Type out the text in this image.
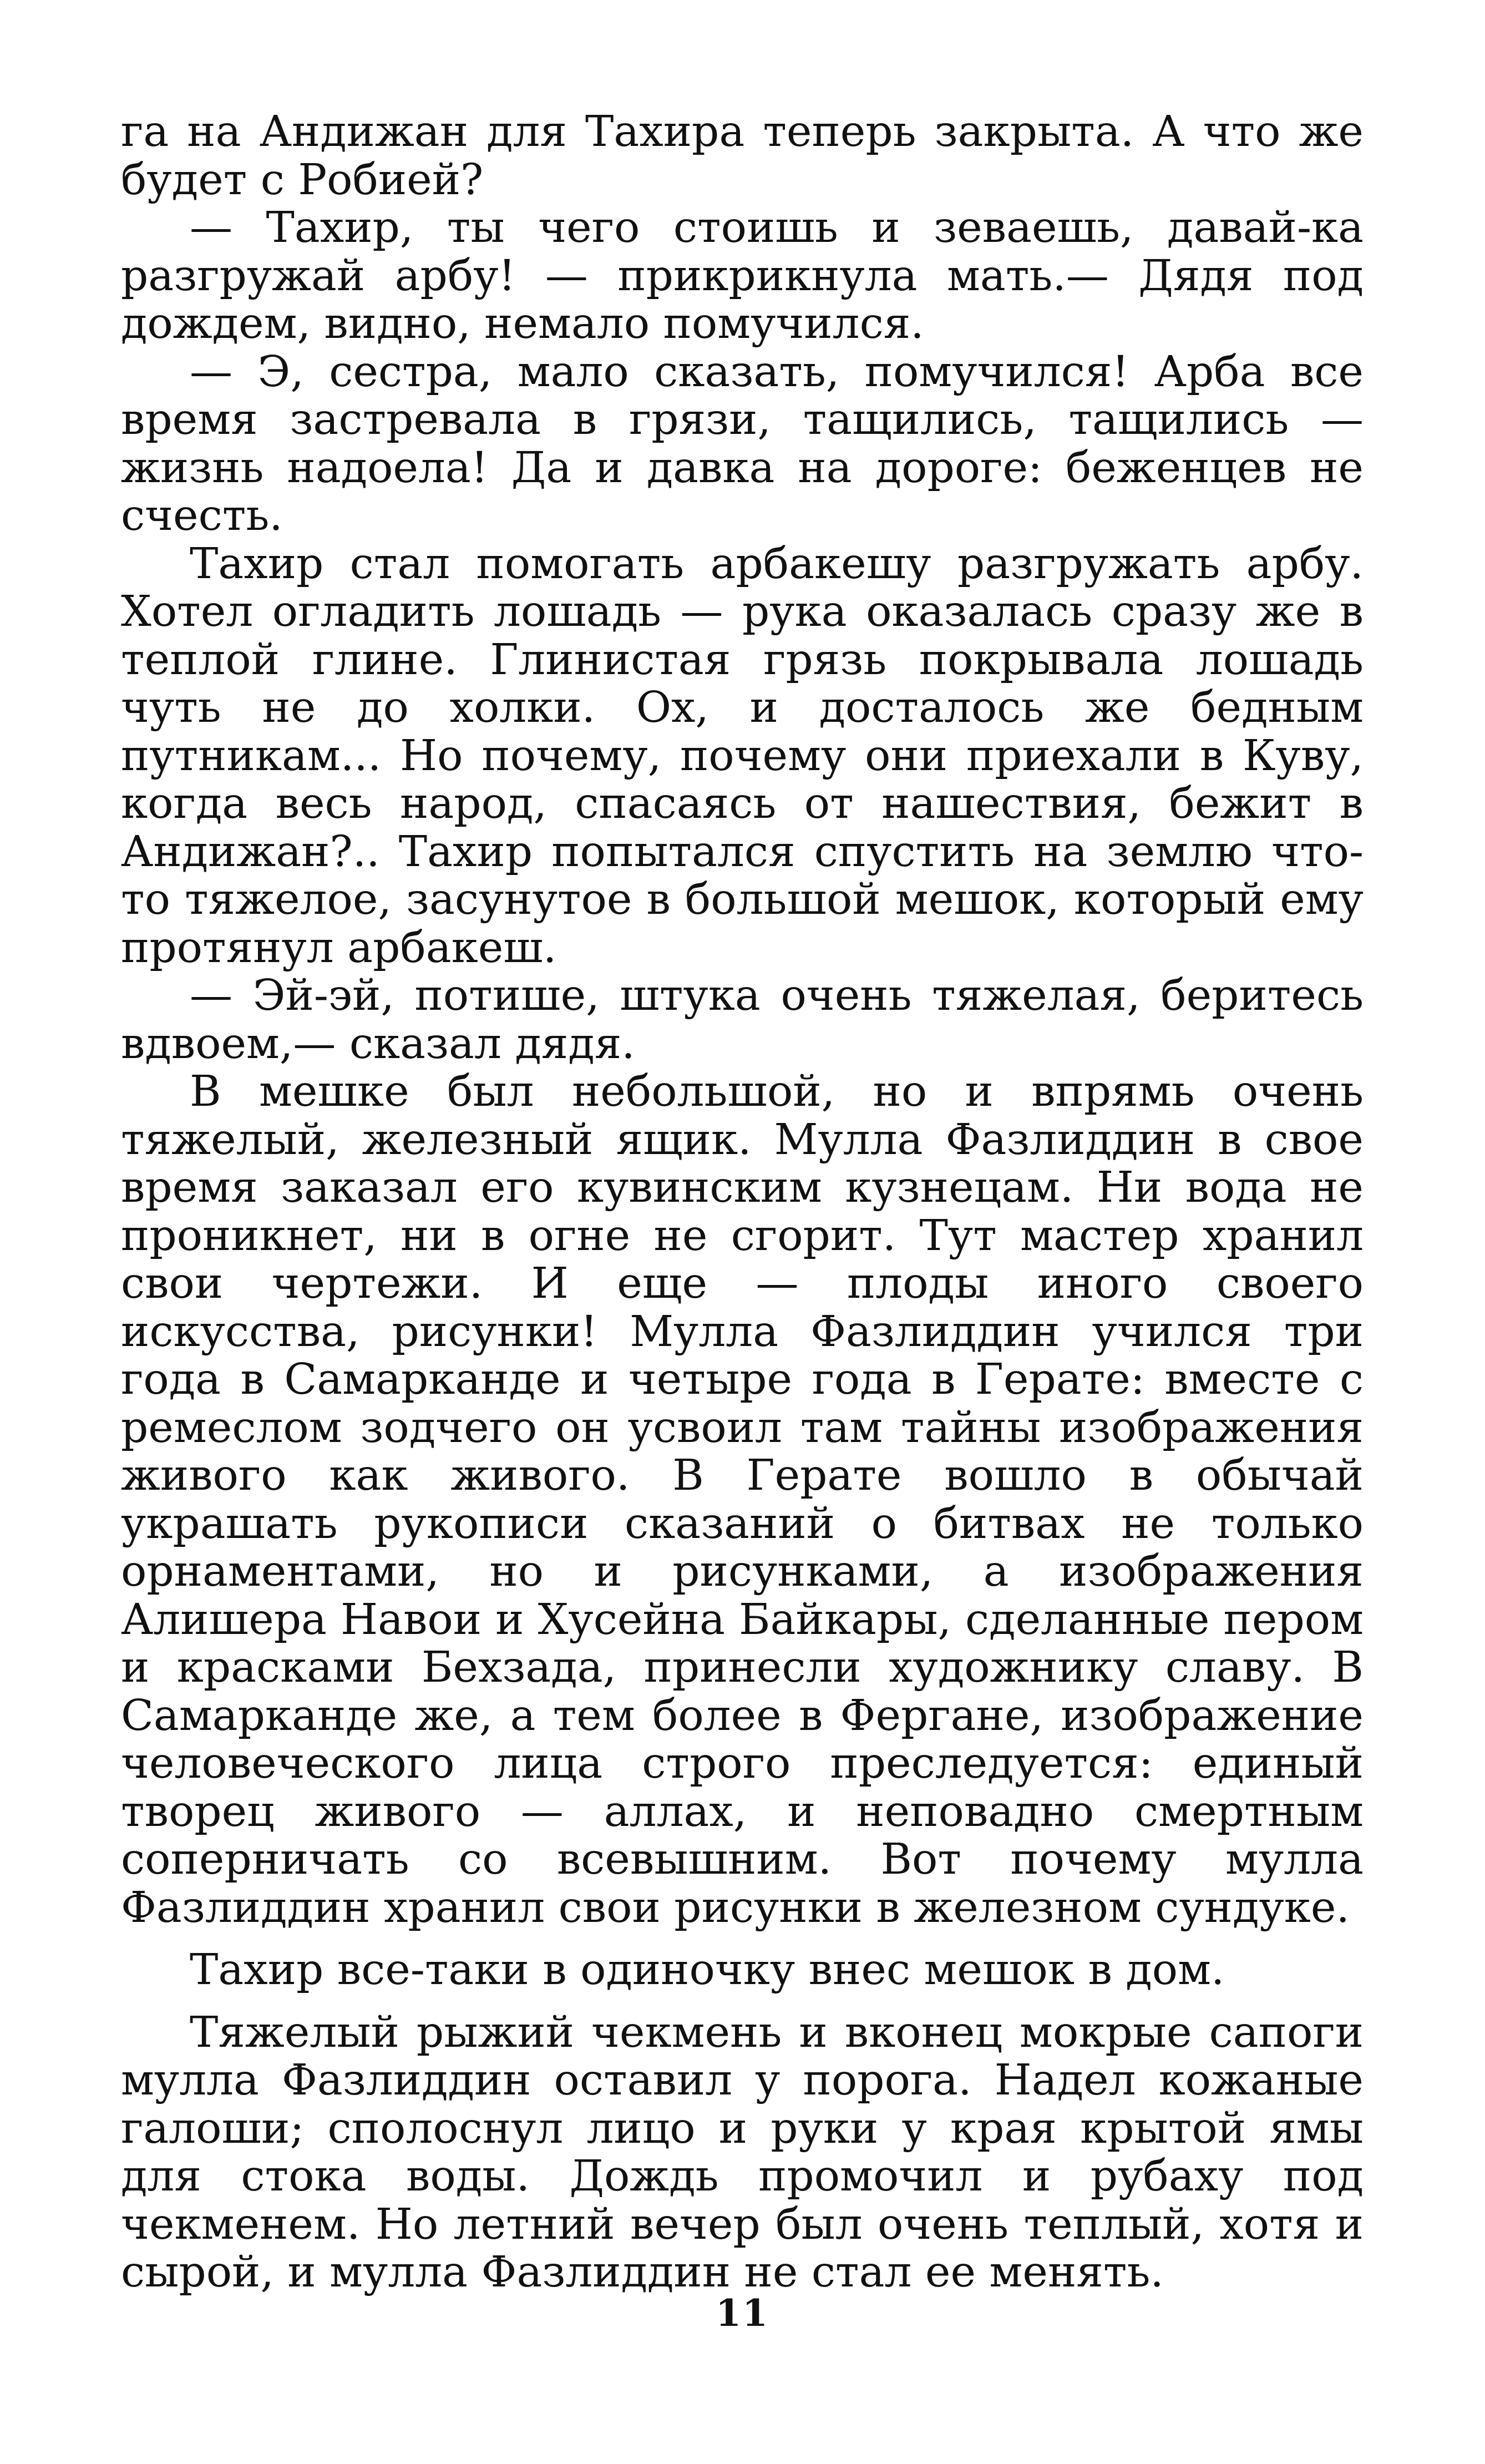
га на Андижан для Тахира теперь закрыта. А что же будет с Робией?

— Тахир, ты чего стоишь и зеваешь, давай-ка разгружай арбу! — прикрикнула мать.— Дядя под дождем, видно, немало помучился.

— Э, сестра, мало сказать, помучился! Арба все время застревала в грязи, тащились, тащились — жизнь надоела! Да и давка на дороге: беженцев не счесть.

Тахир стал помогать арбакешу разгружать арбу. Хотел огладить лошадь — рука оказалась сразу же в теплой глине. Глинистая грязь покрывала лошадь чуть не до холки. Ох, и досталось же бедным путникам... Но почему, почему они приехали в Куву, когда весь народ, спасаясь от нашествия, бежит в Андижан?.. Тахир попытался спустить на землю что-то тяжелое, засунутое в большой мешок, который ему протянул арбакеш.

— Эй-эй, потише, штука очень тяжелая, беритесь вдвоем,— сказал дядя.

В мешке был небольшой, но и впрямь очень тяжелый, железный ящик. Мулла Фазлиддин в свое время заказал его кувинским кузнецам. Ни вода не проникнет, ни в огне не сгорит. Тут мастер хранил свои чертежи. И еще — плоды иного своего искусства, рисунки! Мулла Фазлиддин учился три года в Самарканде и четыре года в Герате: вместе с ремеслом зодчего он усвоил там тайны изображения живого как живого. В Герате вошло в обычай украшать рукописи сказаний о битвах не только орнаментами, но и рисунками, а изображения Алишера Навои и Хусейна Байкары, сделанные пером и красками Бехзада, принесли художнику славу. В Самарканде же, а тем более в Фергане, изображение человеческого лица строго преследуется: единый творец живого — аллах, и неповадно смертным соперничать со всевышним. Вот почему мулла Фазлиддин хранил свои рисунки в железном сундуке.

Тахир все-таки в одиночку внес мешок в дом.

Тяжелый рыжий чекмень и вконец мокрые сапоги мулла Фазлиддин оставил у порога. Надел кожаные галоши; сполоснул лицо и руки у края крытой ямы для стока воды. Дождь промочил и рубаху под чекменем. Но летний вечер был очень теплый, хотя и сырой, и мулла Фазлиддин не стал ее менять.

11
